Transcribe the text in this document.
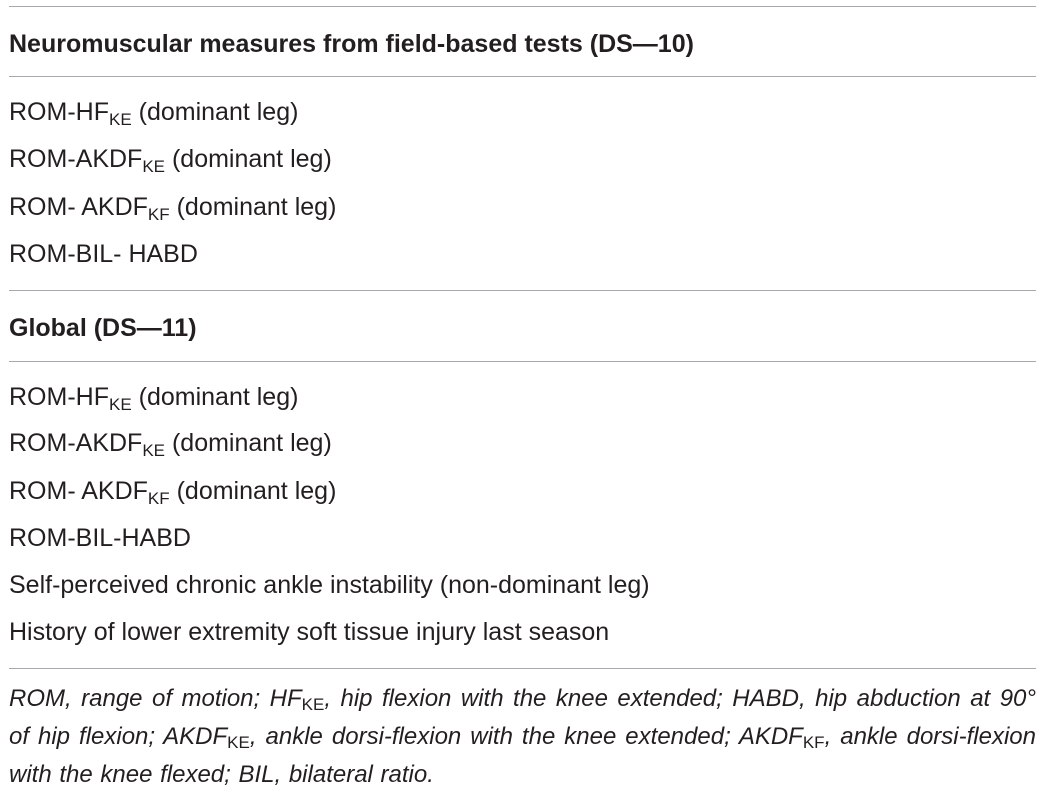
Neuromuscular measures from field-based tests (DS—10)
ROM-$HF_{KE}$ (dominant leg)
ROM-$AKDF_{KE}$ (dominant leg)
ROM- $AKDF_{KF}$ (dominant leg)
ROM-BIL- HABD
Global (DS—11)
ROM-$HF_{KE}$ (dominant leg)
ROM-$AKDF_{KE}$ (dominant leg)
ROM- $AKDF_{KF}$ (dominant leg)
ROM-BIL-HABD
Self-perceived chronic ankle instability (non-dominant leg)
History of lower extremity soft tissue injury last season
ROM, range of motion; $HF_{KE}$, hip flexion with the knee extended; HABD, hip abduction at 90° of hip flexion; $AKDF_{KE}$, ankle dorsi-flexion with the knee extended; $AKDF_{KF}$, ankle dorsi-flexion with the knee flexed; BIL, bilateral ratio.
